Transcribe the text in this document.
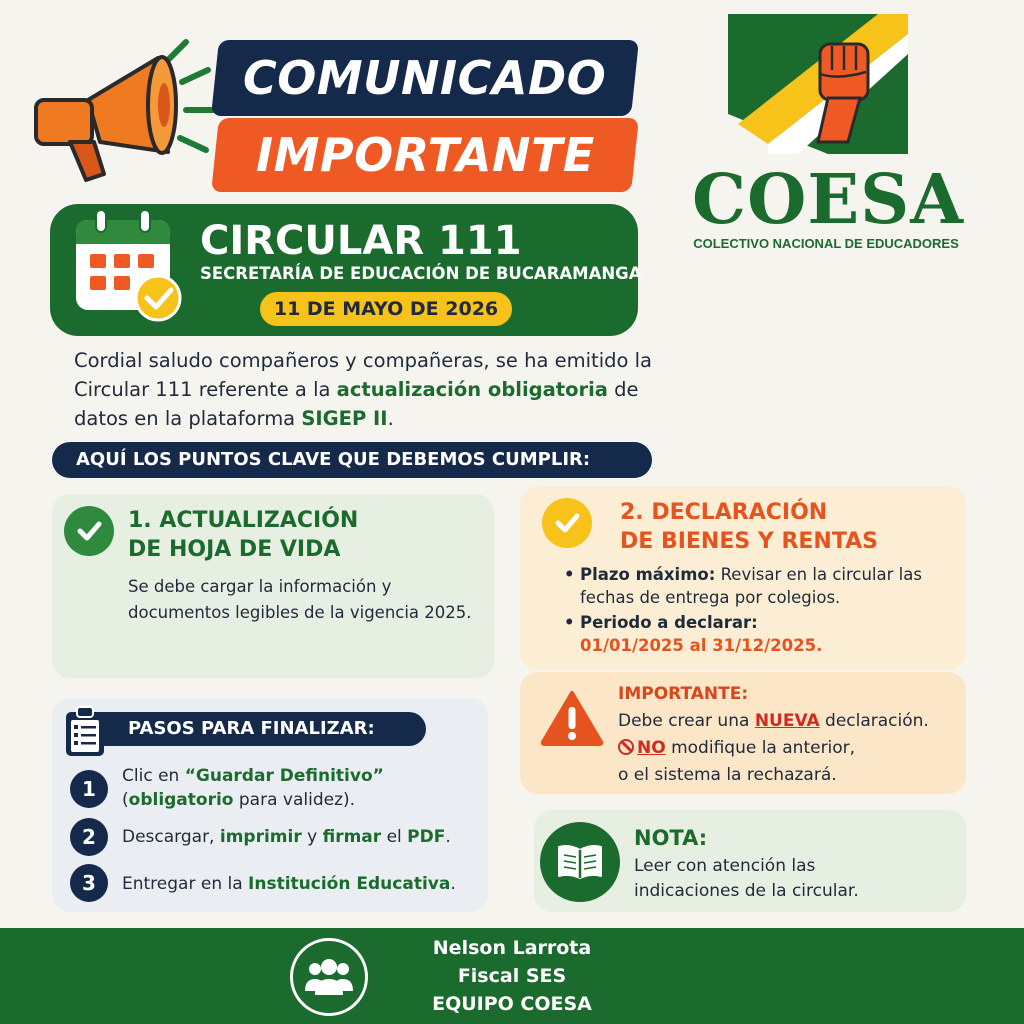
COMUNICADO
IMPORTANTE
COESA
COLECTIVO NACIONAL DE EDUCADORES
CIRCULAR 111
SECRETARÍA DE EDUCACIÓN DE BUCARAMANGA
11 DE MAYO DE 2026

Cordial saludo compañeros y compañeras, se ha emitido la Circular 111 referente a la actualización obligatoria de datos en la plataforma SIGEP II.

AQUÍ LOS PUNTOS CLAVE QUE DEBEMOS CUMPLIR:
1. ACTUALIZACIÓN
DE HOJA DE VIDA
Se debe cargar la información y
documentos legibles de la vigencia 2025.
2. DECLARACIÓN
DE BIENES Y RENTAS
• Plazo máximo: Revisar en la circular las fechas de entrega por colegios.
• Periodo a declarar:
01/01/2025 al 31/12/2025.
IMPORTANTE:
Debe crear una NUEVA declaración.
NO modifique la anterior,
o el sistema la rechazará.
PASOS PARA FINALIZAR:
1
Clic en “Guardar Definitivo”
(obligatorio para validez).
2	Descargar, imprimir y firmar el PDF.
3	Entregar en la Institución Educativa.
NOTA:
Leer con atención las
indicaciones de la circular.
Nelson Larrota
Fiscal SES
EQUIPO COESA
